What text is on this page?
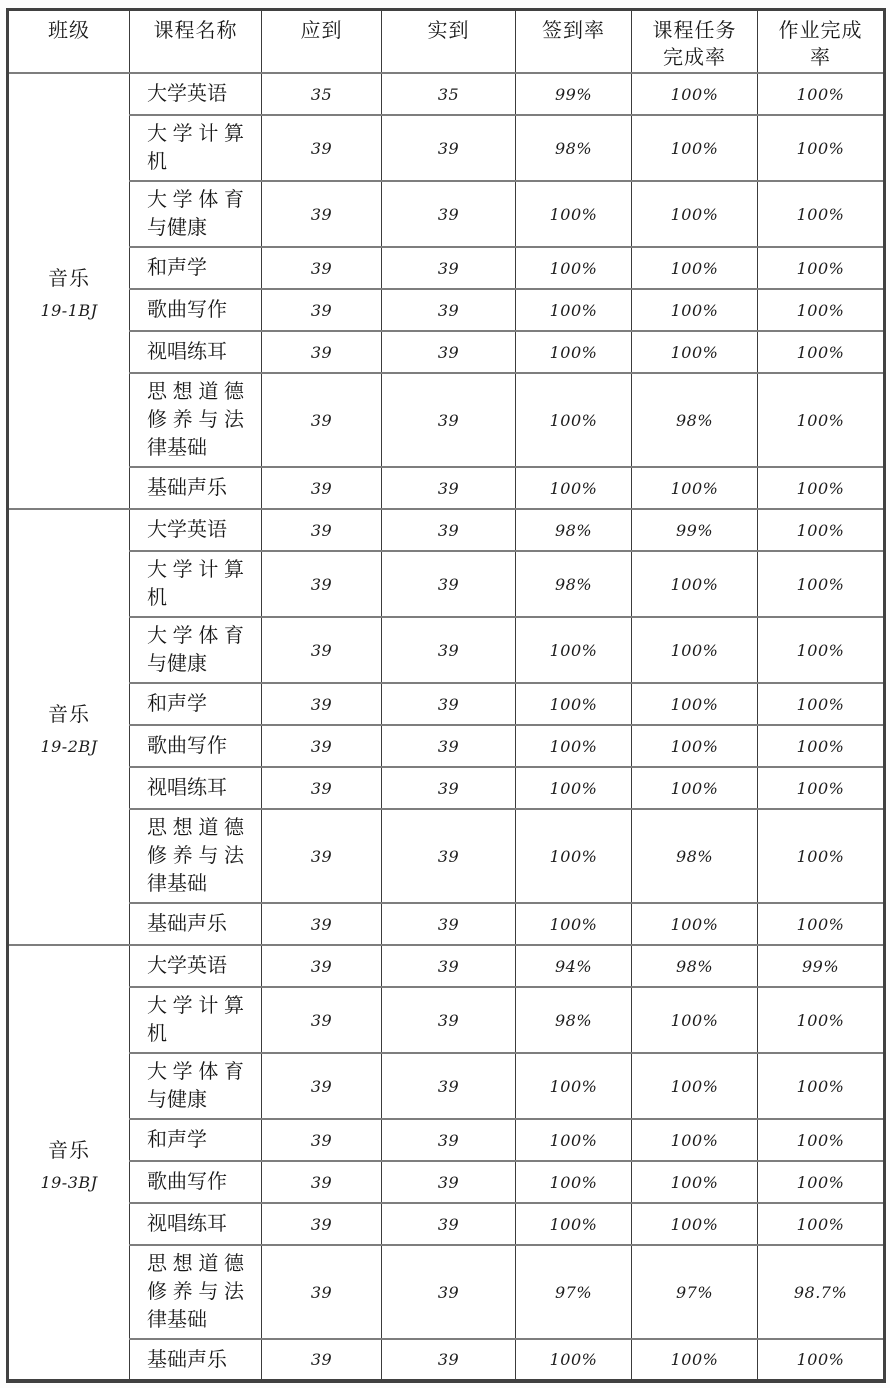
班级	课程名称	应到	实到	签到率	课程任务完成率	作业完成率

音乐
19-1BJ	大学英语	35	35	99%	100%	100%

	大学计算机	39	39	98%	100%	100%

	大学体育与健康	39	39	100%	100%	100%

	和声学	39	39	100%	100%	100%

	歌曲写作	39	39	100%	100%	100%

	视唱练耳	39	39	100%	100%	100%

	思想道德修养与法律基础	39	39	100%	98%	100%

	基础声乐	39	39	100%	100%	100%

音乐
19-2BJ	大学英语	39	39	98%	99%	100%

	大学计算机	39	39	98%	100%	100%

	大学体育与健康	39	39	100%	100%	100%

	和声学	39	39	100%	100%	100%

	歌曲写作	39	39	100%	100%	100%

	视唱练耳	39	39	100%	100%	100%

	思想道德修养与法律基础	39	39	100%	98%	100%

	基础声乐	39	39	100%	100%	100%

音乐
19-3BJ	大学英语	39	39	94%	98%	99%

	大学计算机	39	39	98%	100%	100%

	大学体育与健康	39	39	100%	100%	100%

	和声学	39	39	100%	100%	100%

	歌曲写作	39	39	100%	100%	100%

	视唱练耳	39	39	100%	100%	100%

	思想道德修养与法律基础	39	39	97%	97%	98.7%

	基础声乐	39	39	100%	100%	100%
